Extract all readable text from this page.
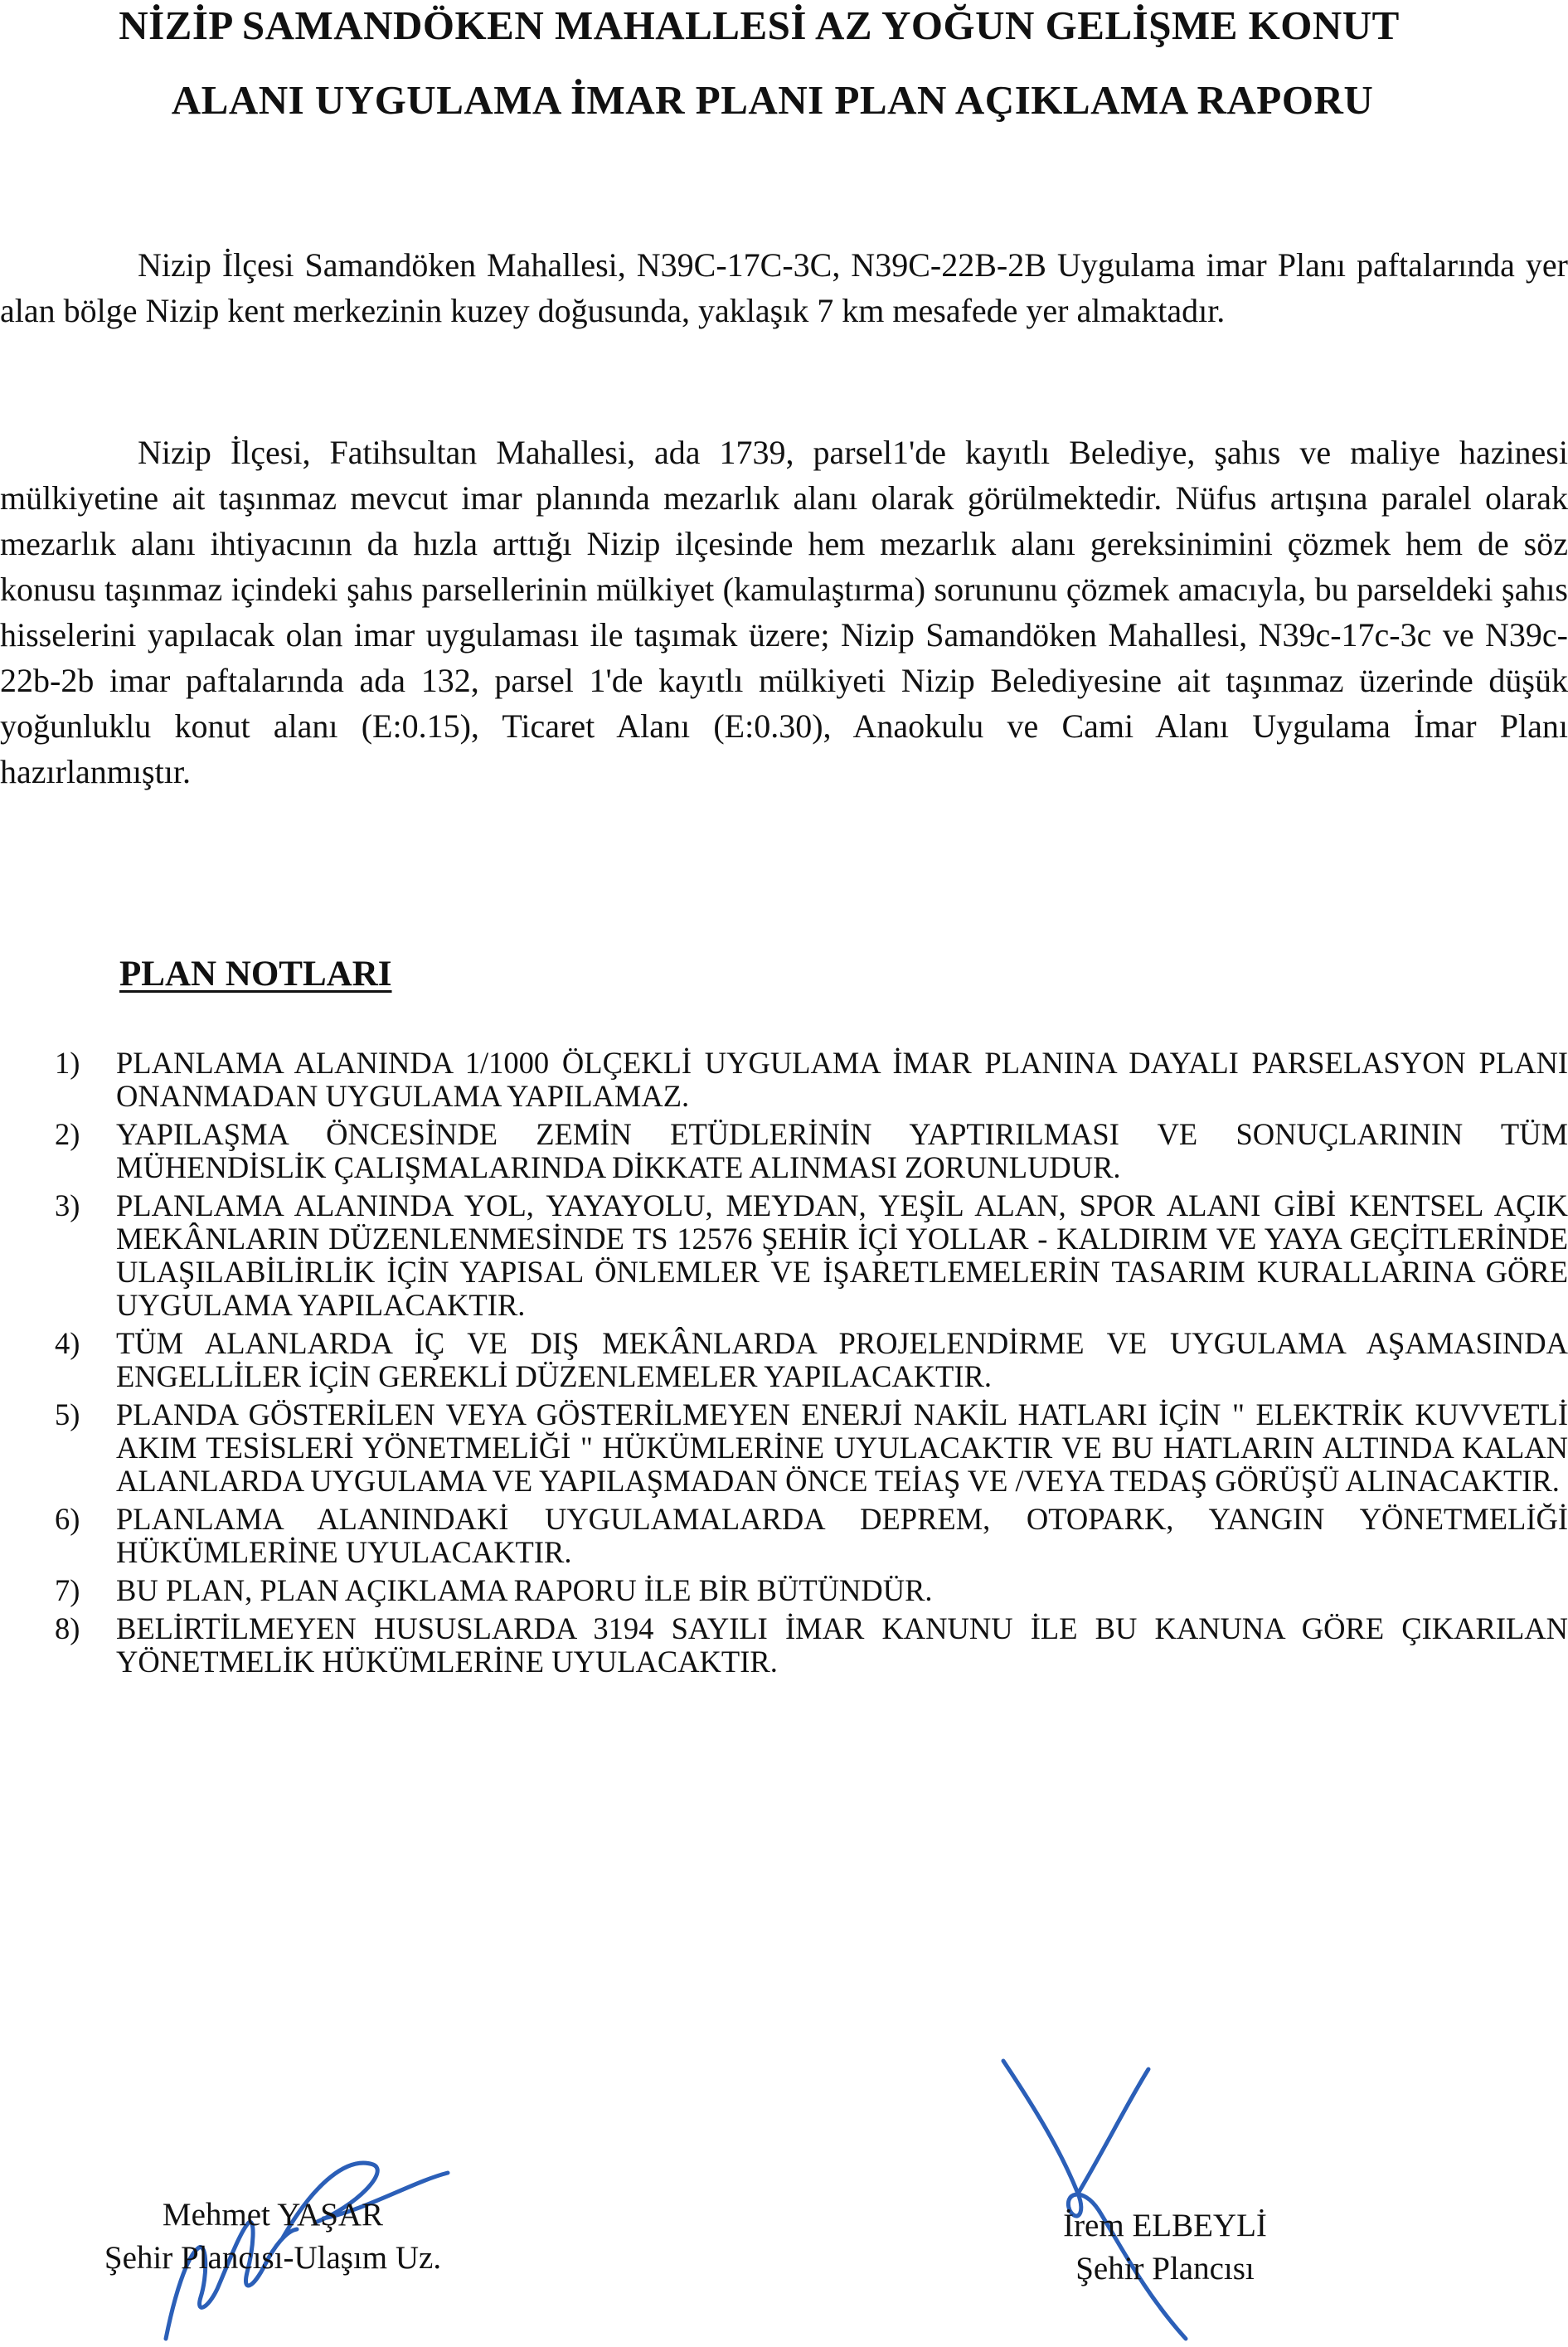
NİZİP SAMANDÖKEN MAHALLESİ AZ YOĞUN GELİŞME KONUT
ALANI UYGULAMA İMAR PLANI PLAN AÇIKLAMA RAPORU

Nizip İlçesi Samandöken Mahallesi, N39C-17C-3C, N39C-22B-2B Uygulama imar Planı paftalarında yer alan bölge Nizip kent merkezinin kuzey doğusunda, yaklaşık 7 km mesafede yer almaktadır.

Nizip İlçesi, Fatihsultan Mahallesi, ada 1739, parsel1'de kayıtlı Belediye, şahıs ve maliye hazinesi mülkiyetine ait taşınmaz mevcut imar planında mezarlık alanı olarak görülmektedir. Nüfus artışına paralel olarak mezarlık alanı ihtiyacının da hızla arttığı Nizip ilçesinde hem mezarlık alanı gereksinimini çözmek hem de söz konusu taşınmaz içindeki şahıs parsellerinin mülkiyet (kamulaştırma) sorununu çözmek amacıyla, bu parseldeki şahıs hisselerini yapılacak olan imar uygulaması ile taşımak üzere; Nizip Samandöken Mahallesi, N39c-17c-3c ve N39c-22b-2b imar paftalarında ada 132, parsel 1'de kayıtlı mülkiyeti Nizip Belediyesine ait taşınmaz üzerinde düşük yoğunluklu konut alanı (E:0.15), Ticaret Alanı (E:0.30), Anaokulu ve Cami Alanı Uygulama İmar Planı hazırlanmıştır.

PLAN NOTLARI
1) PLANLAMA ALANINDA 1/1000 ÖLÇEKLİ UYGULAMA İMAR PLANINA DAYALI PARSELASYON PLANI ONANMADAN UYGULAMA YAPILAMAZ.
2) YAPILAŞMA ÖNCESİNDE ZEMİN ETÜDLERİNİN YAPTIRILMASI VE SONUÇLARININ TÜM MÜHENDİSLİK ÇALIŞMALARINDA DİKKATE ALINMASI ZORUNLUDUR.
3) PLANLAMA ALANINDA YOL, YAYAYOLU, MEYDAN, YEŞİL ALAN, SPOR ALANI GİBİ KENTSEL AÇIK MEKÂNLARIN DÜZENLENMESİNDE TS 12576 ŞEHİR İÇİ YOLLAR - KALDIRIM VE YAYA GEÇİTLERİNDE ULAŞILABİLİRLİK İÇİN YAPISAL ÖNLEMLER VE İŞARETLEMELERİN TASARIM KURALLARINA GÖRE UYGULAMA YAPILACAKTIR.
4) TÜM ALANLARDA İÇ VE DIŞ MEKÂNLARDA PROJELENDİRME VE UYGULAMA AŞAMASINDA ENGELLİLER İÇİN GEREKLİ DÜZENLEMELER YAPILACAKTIR.
5) PLANDA GÖSTERİLEN VEYA GÖSTERİLMEYEN ENERJİ NAKİL HATLARI İÇİN " ELEKTRİK KUVVETLİ AKIM TESİSLERİ YÖNETMELİĞİ " HÜKÜMLERİNE UYULACAKTIR VE BU HATLARIN ALTINDA KALAN ALANLARDA UYGULAMA VE YAPILAŞMADAN ÖNCE TEİAŞ VE /VEYA TEDAŞ GÖRÜŞÜ ALINACAKTIR.
6) PLANLAMA ALANINDAKİ UYGULAMALARDA DEPREM, OTOPARK, YANGIN YÖNETMELİĞİ HÜKÜMLERİNE UYULACAKTIR.
7) BU PLAN, PLAN AÇIKLAMA RAPORU İLE BİR BÜTÜNDÜR.
8) BELİRTİLMEYEN HUSUSLARDA 3194 SAYILI İMAR KANUNU İLE BU KANUNA GÖRE ÇIKARILAN YÖNETMELİK HÜKÜMLERİNE UYULACAKTIR.
Mehmet YAŞAR
Şehir Plancısı-Ulaşım Uz.
İrem ELBEYLİ
Şehir Plancısı
